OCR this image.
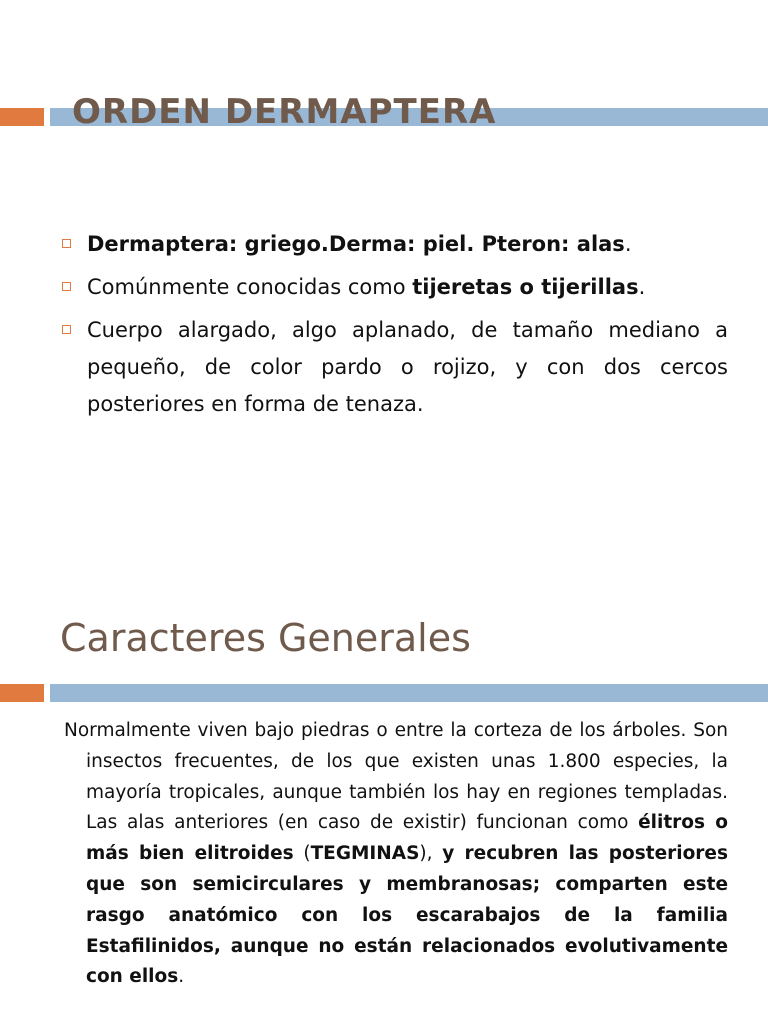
ORDEN DERMAPTERA
Dermaptera: griego.Derma: piel. Pteron: alas.
Comúnmente conocidas como tijeretas o tijerillas.
Cuerpo alargado, algo aplanado, de tamaño mediano a pequeño, de color pardo o rojizo, y con dos cercos posteriores en forma de tenaza.
Caracteres Generales

Normalmente viven bajo piedras o entre la corteza de los árboles. Son insectos frecuentes, de los que existen unas 1.800 especies, la mayoría tropicales, aunque también los hay en regiones templadas. Las alas anteriores (en caso de existir) funcionan como élitros o más bien elitroides (TEGMINAS), y recubren las posteriores que son semicirculares y membranosas; comparten este rasgo anatómico con los escarabajos de la familia Estafilinidos, aunque no están relacionados evolutivamente con ellos.
